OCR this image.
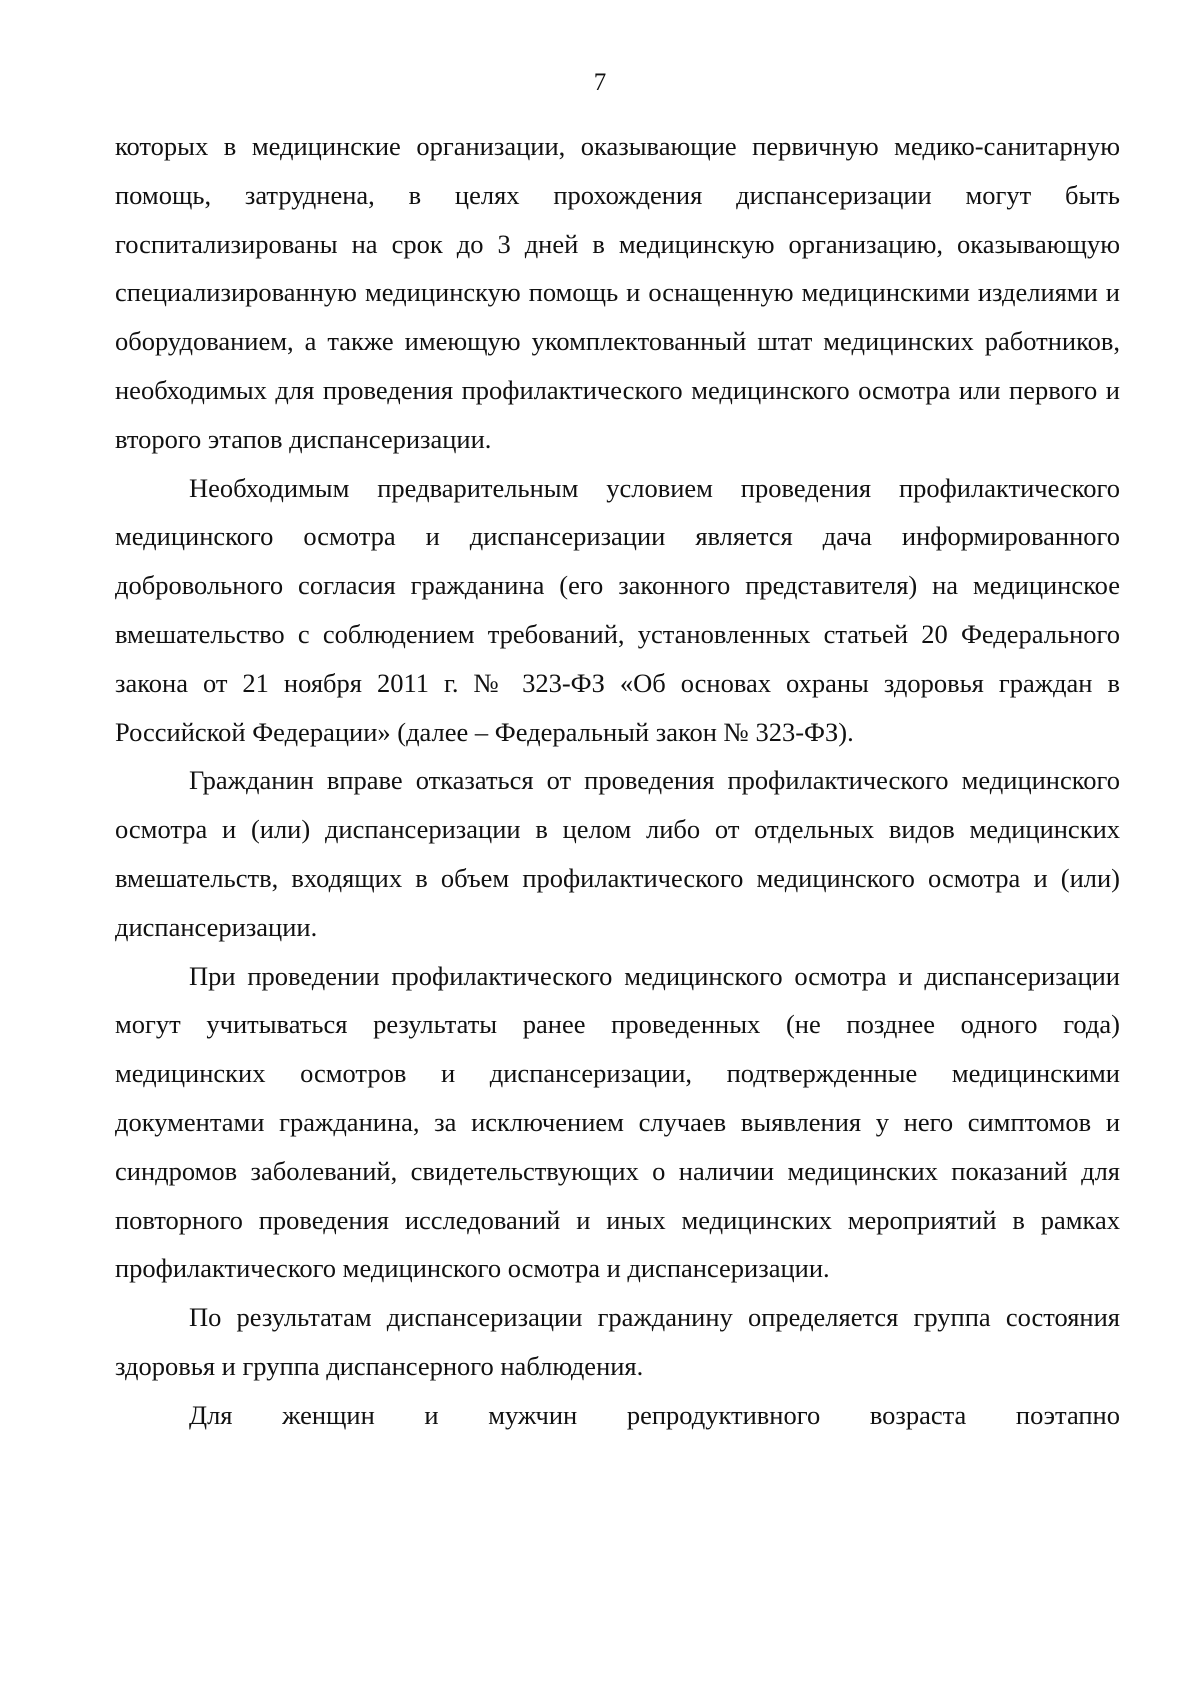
7

которых в медицинские организации, оказывающие первичную медико-санитарную помощь, затруднена, в целях прохождения диспансеризации могут быть госпитализированы на срок до 3 дней в медицинскую организацию, оказывающую специализированную медицинскую помощь и оснащенную медицинскими изделиями и оборудованием, а также имеющую укомплектованный штат медицинских работников, необходимых для проведения профилактического медицинского осмотра или первого и второго этапов диспансеризации.

Необходимым предварительным условием проведения профилактического медицинского осмотра и диспансеризации является дача информированного добровольного согласия гражданина (его законного представителя) на медицинское вмешательство с соблюдением требований, установленных статьей 20 Федерального закона от 21 ноября 2011 г. № 323-ФЗ «Об основах охраны здоровья граждан в Российской Федерации» (далее – Федеральный закон № 323-ФЗ).

Гражданин вправе отказаться от проведения профилактического медицинского осмотра и (или) диспансеризации в целом либо от отдельных видов медицинских вмешательств, входящих в объем профилактического медицинского осмотра и (или) диспансеризации.

При проведении профилактического медицинского осмотра и диспансеризации могут учитываться результаты ранее проведенных (не позднее одного года) медицинских осмотров и диспансеризации, подтвержденные медицинскими документами гражданина, за исключением случаев выявления у него симптомов и синдромов заболеваний, свидетельствующих о наличии медицинских показаний для повторного проведения исследований и иных медицинских мероприятий в рамках профилактического медицинского осмотра и диспансеризации.

По результатам диспансеризации гражданину определяется группа состояния здоровья и группа диспансерного наблюдения.

Для женщин и мужчин репродуктивного возраста поэтапно
